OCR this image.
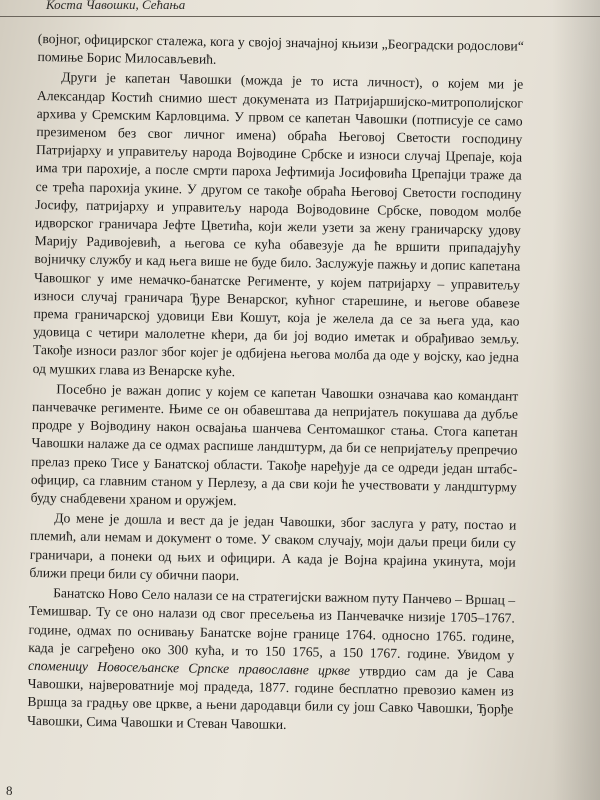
Коста Чавошки, Сећања

(војног, официрског сталежа, кога у својој значајној књизи „Београдски родослови“ помиње Борис Милосављевић.

Други је капетан Чавошки (можда је то иста личност), о којем ми је Александар Костић снимио шест докумената из Патријаршијско-митрополијског архива у Сремским Карловцима. У првом се капетан Чавошки (потписује се само презименом без свог личног имена) обраћа Његовој Светости господину Патријарху и управитељу народа Војводине Србске и износи случај Црепаје, која има три парохије, а после смрти пароха Јефтимија Јосифовића Црепајци траже да се трећа парохија укине. У другом се такође обраћа Његовој Светости господину Јосифу, патријарху и управитељу народа Војводовине Србске, поводом молбе идворског граничара Јефте Цветића, који жели узети за жену граничарску удову Марију Радивојевић, а његова се кућа обавезује да ће вршити припадајућу војничку службу и кад њега више не буде било. Заслужује пажњу и допис капетана Чавошког у име немачко-банатске Регименте, у којем патријарху – управитељу износи случај граничара Ђуре Венарског, кућног старешине, и његове обавезе према граничарској удовици Еви Кошут, која је желела да се за њега уда, као удовица с четири малолетне кћери, да би јој водио иметак и обрађивао земљу. Такође износи разлог због којег је одбијена његова молба да оде у војску, као једна од мушких глава из Венарске куће.

Посебно је важан допис у којем се капетан Чавошки означава као командант панчевачке регименте. Њиме се он обавештава да непријатељ покушава да дубље продре у Војводину након освајања шанчева Сентомашког стања. Стога капетан Чавошки налаже да се одмах распише ландштурм, да би се непријатељу препречио прелаз преко Тисе у Банатској области. Такође наређује да се одреди један штабс-официр, са главним станом у Перлезу, а да сви који ће учествовати у ландштурму буду снабдевени храном и оружјем.

До мене је дошла и вест да је један Чавошки, због заслуга у рату, постао и племић, али немам и документ о томе. У сваком случају, моји даљи преци били су граничари, а понеки од њих и официри. А када је Војна крајина укинута, моји ближи преци били су обични паори.

Банатско Ново Село налази се на стратегијски важном путу Панчево – Вршац – Темишвар. Ту се оно налази од свог пресељења из Панчевачке низије 1705–1767. године, одмах по оснивању Банатске војне границе 1764. односно 1765. године, када је сагређено око 300 кућа, и то 150 1765, а 150 1767. године. Увидом у споменицу Новосељанске Српске православне цркве утврдио сам да је Сава Чавошки, највероватније мој прадеда, 1877. године бесплатно превозио камен из Вршца за градњу ове цркве, а њени дародавци били су још Савко Чавошки, Ђорђе Чавошки, Сима Чавошки и Стеван Чавошки.

8
